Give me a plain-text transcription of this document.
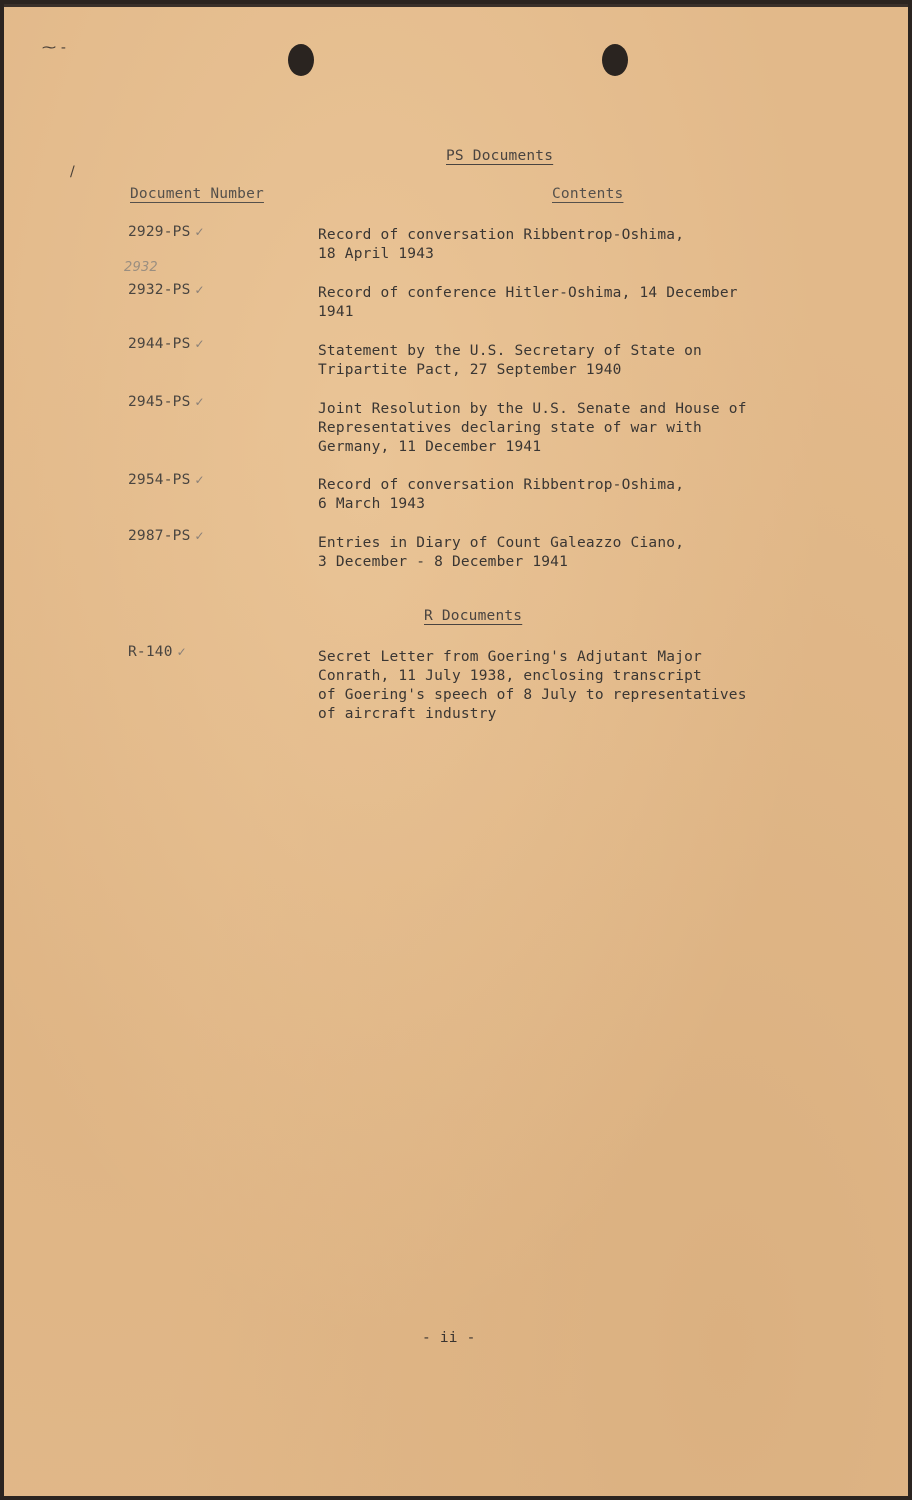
⁓ ‐
/
PS Documents
Document Number	Contents
2929-PS ✓	Record of conversation Ribbentrop-Oshima,
18 April 1943
2932
2932-PS ✓	Record of conference Hitler-Oshima, 14 December
1941
2944-PS ✓	Statement by the U.S. Secretary of State on
Tripartite Pact, 27 September 1940
2945-PS ✓	Joint Resolution by the U.S. Senate and House of
Representatives declaring state of war with
Germany, 11 December 1941
2954-PS ✓	Record of conversation Ribbentrop-Oshima,
6 March 1943
2987-PS ✓	Entries in Diary of Count Galeazzo Ciano,
3 December - 8 December 1941
R Documents
R-140 ✓	Secret Letter from Goering's Adjutant Major
Conrath, 11 July 1938, enclosing transcript
of Goering's speech of 8 July to representatives
of aircraft industry
- ii -
